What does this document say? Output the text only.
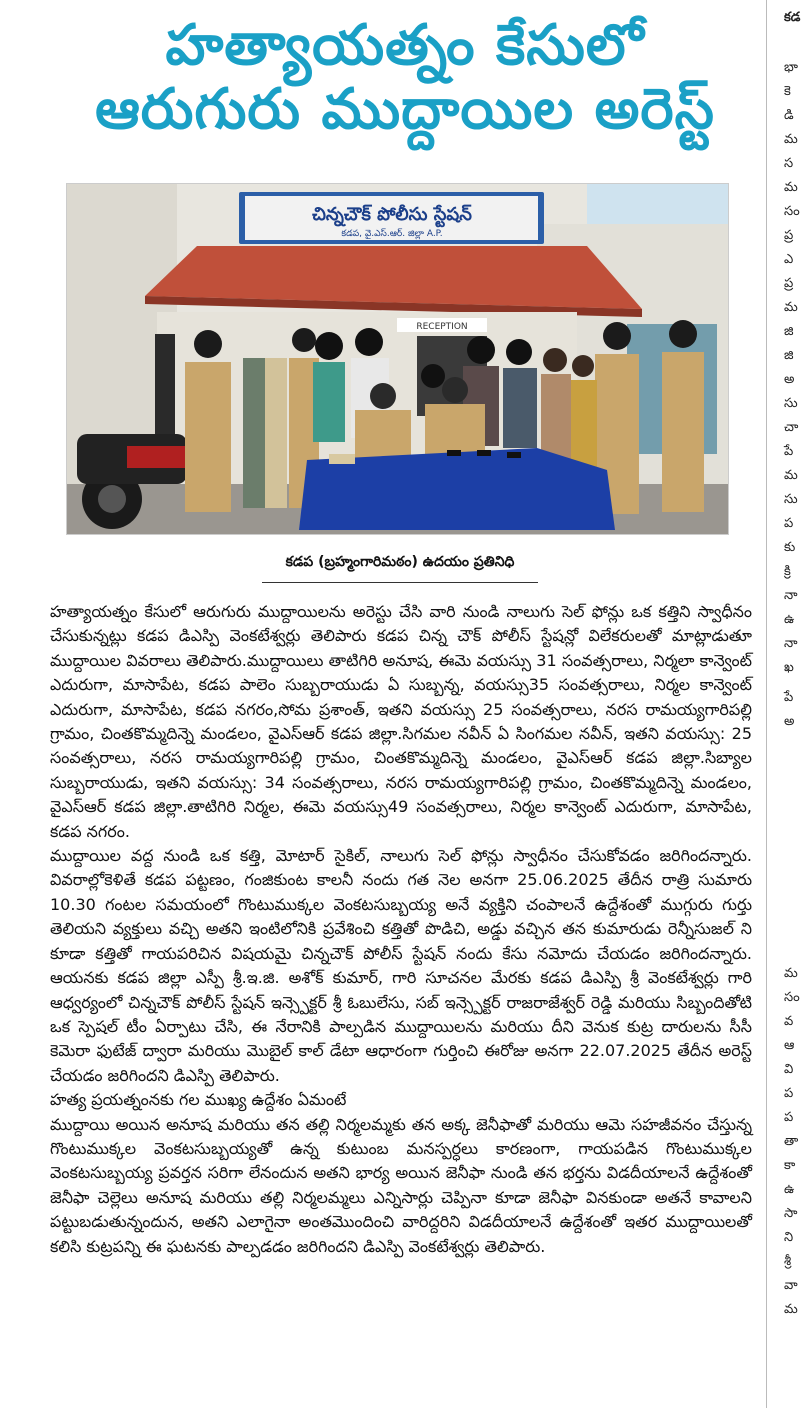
హత్యాయత్నం కేసులో
ఆరుగురు ముద్దాయిల అరెస్ట్
చిన్నచౌక్ పోలీసు స్టేషన్
కడప, వై.ఎస్.ఆర్. జిల్లా A.P.
RECEPTION
కడప (బ్రహ్మంగారిమఠం) ఉదయం ప్రతినిధి

హత్యాయత్నం కేసులో ఆరుగురు ముద్దాయిలను అరెస్టు చేసి వారి నుండి నాలుగు సెల్ ఫోన్లు ఒక కత్తిని స్వాధీనం చేసుకున్నట్లు కడప డిఎస్పి వెంకటేశ్వర్లు తెలిపారు కడప చిన్న చౌక్ పోలీస్ స్టేషన్లో విలేకరులతో మాట్లాడుతూ ముద్దాయిల వివరాలు తెలిపారు.ముద్దాయిలు తాటిగిరి అనూష, ఈమె వయస్సు 31 సంవత్సరాలు, నిర్మలా కాన్వెంట్ ఎదురుగా, మాసాపేట, కడప పాలెం సుబ్బరాయుడు ఏ సుబ్బన్న, వయస్సు35 సంవత్సరాలు, నిర్మల కాన్వెంట్ ఎదురుగా, మాసాపేట, కడప నగరం,సోమ ప్రశాంత్, ఇతని వయస్సు 25 సంవత్సరాలు, నరస రామయ్యగారిపల్లి గ్రామం, చింతకొమ్మదిన్నె మండలం, వైఎస్ఆర్ కడప జిల్లా.సిగమల నవీన్ ఏ సింగమల నవీన్, ఇతని వయస్సు: 25 సంవత్సరాలు, నరస రామయ్యగారిపల్లి గ్రామం, చింతకొమ్మదిన్నె మండలం, వైఎస్ఆర్ కడప జిల్లా.సిబ్యాల సుబ్బరాయుడు, ఇతని వయస్సు: 34 సంవత్సరాలు, నరస రామయ్యగారిపల్లి గ్రామం, చింతకొమ్మదిన్నె మండలం, వైఎస్ఆర్ కడప జిల్లా.తాటిగిరి నిర్మల, ఈమె వయస్సు49 సంవత్సరాలు, నిర్మల కాన్వెంట్ ఎదురుగా, మాసాపేట, కడప నగరం.

ముద్దాయిల వద్ద నుండి ఒక కత్తి, మోటార్ సైకిల్, నాలుగు సెల్ ఫోన్లు స్వాధీనం చేసుకోవడం జరిగిందన్నారు. వివరాల్లోకెళితే కడప పట్టణం, గంజికుంట కాలనీ నందు గత నెల అనగా 25.06.2025 తేదీన రాత్రి సుమారు 10.30 గంటల సమయంలో గొంటుముక్కల వెంకటసుబ్బయ్య అనే వ్యక్తిని చంపాలనే ఉద్దేశంతో ముగ్గురు గుర్తు తెలియని వ్యక్తులు వచ్చి అతని ఇంటిలోనికి ప్రవేశించి కత్తితో పొడిచి, అడ్డు వచ్చిన తన కుమారుడు రెన్నీసుజల్ ని కూడా కత్తితో గాయపరిచిన విషయమై చిన్నచౌక్ పోలీస్ స్టేషన్ నందు కేసు నమోదు చేయడం జరిగిందన్నారు. ఆయనకు కడప జిల్లా ఎస్పీ శ్రీ.ఇ.జి. అశోక్ కుమార్, గారి సూచనల మేరకు కడప డిఎస్పి శ్రీ వెంకటేశ్వర్లు గారి ఆధ్వర్యంలో చిన్నచౌక్ పోలీస్ స్టేషన్ ఇన్స్పెక్టర్ శ్రీ ఓబులేసు, సబ్ ఇన్స్పెక్టర్ రాజరాజేశ్వర్ రెడ్డి మరియు సిబ్బందితోటి ఒక స్పెషల్ టీం ఏర్పాటు చేసి, ఈ నేరానికి పాల్పడిన ముద్దాయిలను మరియు దీని వెనుక కుట్ర దారులను సీసీ కెమెరా ఫుటేజ్ ద్వారా మరియు మొబైల్ కాల్ డేటా ఆధారంగా గుర్తించి ఈరోజు అనగా 22.07.2025 తేదీన అరెస్ట్ చేయడం జరిగిందని డిఎస్పి తెలిపారు.

హత్య ప్రయత్నంనకు గల ముఖ్య ఉద్దేశం ఏమంటే

ముద్దాయి అయిన అనూష మరియు తన తల్లి నిర్మలమ్మకు తన అక్క జెనీఫాతో మరియు ఆమె సహజీవనం చేస్తున్న గొంటుముక్కల వెంకటసుబ్బయ్యతో ఉన్న కుటుంబ మనస్పర్ధలు కారణంగా, గాయపడిన గొంటుముక్కల వెంకటసుబ్బయ్య ప్రవర్తన సరిగా లేనందున అతని భార్య అయిన జెనీఫా నుండి తన భర్తను విడదీయాలనే ఉద్దేశంతో జెనీఫా చెల్లెలు అనూష మరియు తల్లి నిర్మలమ్మలు ఎన్నిసార్లు చెప్పినా కూడా జెనీఫా వినకుండా అతనే కావాలని పట్టుబడుతున్నందున, అతని ఎలాగైనా అంతమొందించి వారిద్దరిని విడదీయాలనే ఉద్దేశంతో ఇతర ముద్దాయిలతో కలిసి కుట్రపన్ని ఈ ఘటనకు పాల్పడడం జరిగిందని డిఎస్పి వెంకటేశ్వర్లు తెలిపారు.

కడ
భా
కె
డి
మ
స
మ
సం
ప్ర
ఎ
ప్ర
మ
జి
జి
అ
సు
చా
పే
మ
సు
ప
కు
క్రి
నా
ఉ
నా
ఖ
పే
అ
మ
సం
వ
ఆ
వి
ప
ప
తా
కా
ఉ
సా
ని
శ్రీ
వా
మ
